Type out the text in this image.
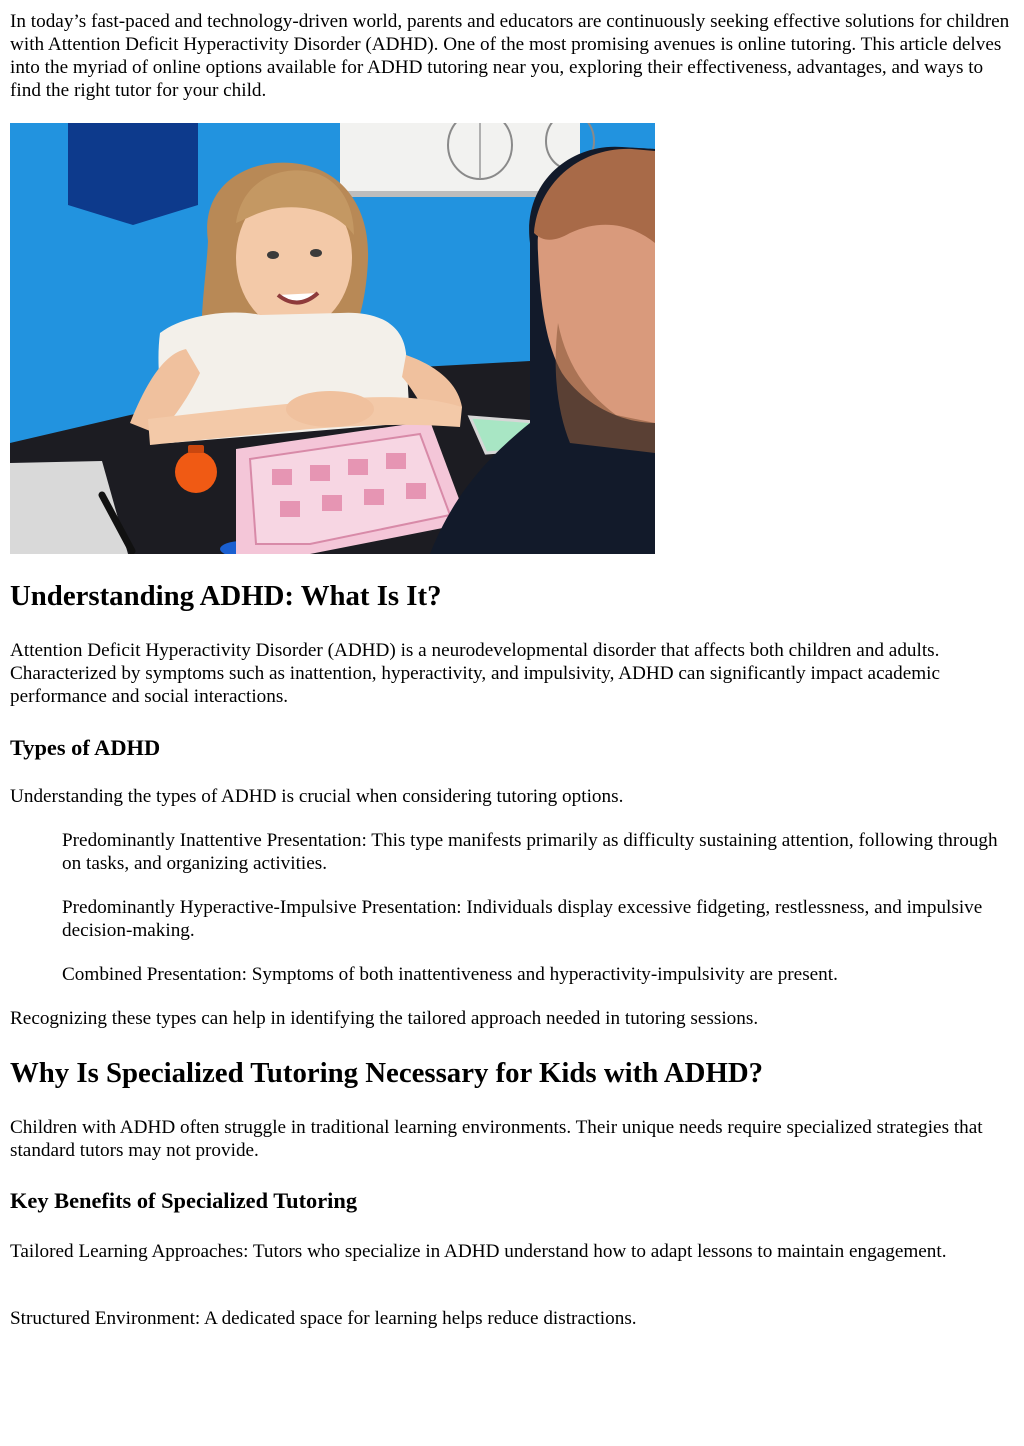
In today’s fast-paced and technology-driven world, parents and educators are continuously seeking effective solutions for children with Attention Deficit Hyperactivity Disorder (ADHD). One of the most promising avenues is online tutoring. This article delves into the myriad of online options available for ADHD tutoring near you, exploring their effectiveness, advantages, and ways to find the right tutor for your child.

Understanding ADHD: What Is It?

Attention Deficit Hyperactivity Disorder (ADHD) is a neurodevelopmental disorder that affects both children and adults. Characterized by symptoms such as inattention, hyperactivity, and impulsivity, ADHD can significantly impact academic performance and social interactions.

Types of ADHD

Understanding the types of ADHD is crucial when considering tutoring options.

Predominantly Inattentive Presentation: This type manifests primarily as difficulty sustaining attention, following through on tasks, and organizing activities.

Predominantly Hyperactive-Impulsive Presentation: Individuals display excessive fidgeting, restlessness, and impulsive decision-making.

Combined Presentation: Symptoms of both inattentiveness and hyperactivity-impulsivity are present.

Recognizing these types can help in identifying the tailored approach needed in tutoring sessions.

Why Is Specialized Tutoring Necessary for Kids with ADHD?

Children with ADHD often struggle in traditional learning environments. Their unique needs require specialized strategies that standard tutors may not provide.

Key Benefits of Specialized Tutoring

Tailored Learning Approaches: Tutors who specialize in ADHD understand how to adapt lessons to maintain engagement.

Structured Environment: A dedicated space for learning helps reduce distractions.
